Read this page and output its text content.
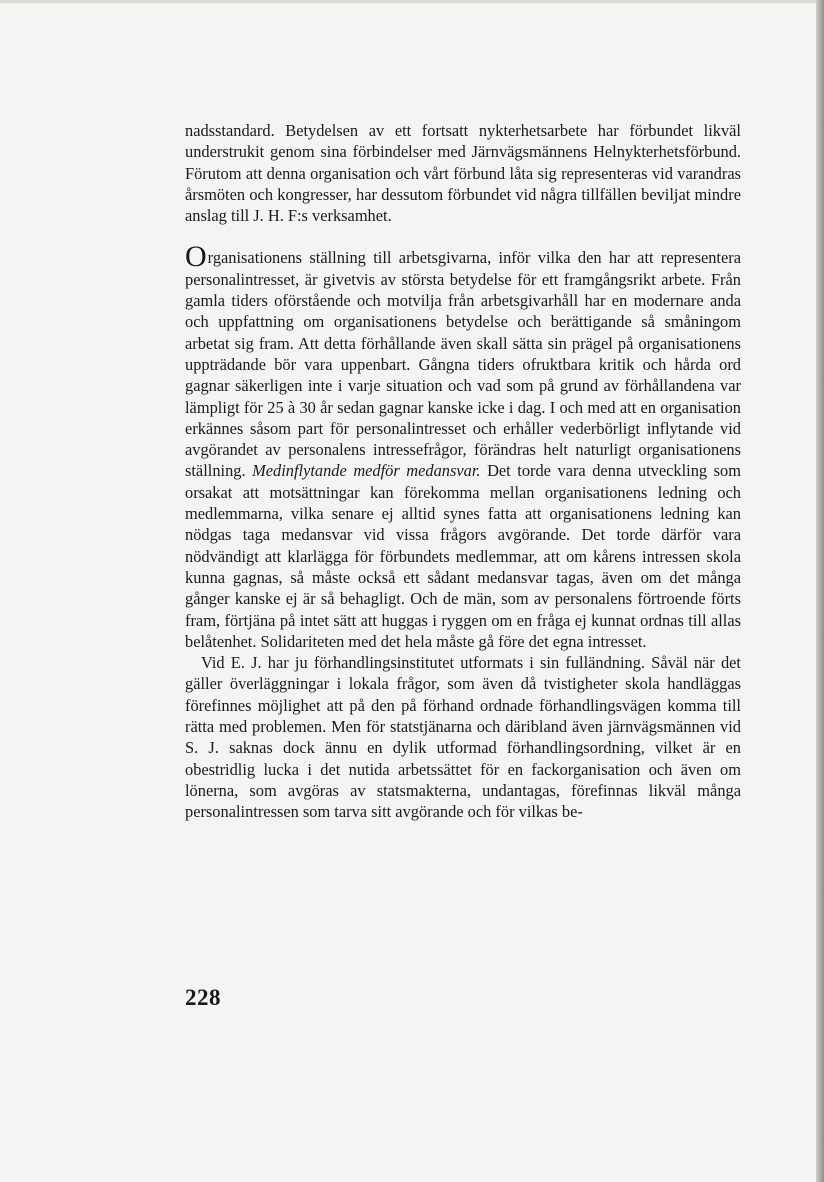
nadsstandard. Betydelsen av ett fortsatt nykterhetsarbete har förbundet likväl understrukit genom sina förbindelser med Järnvägsmännens Helnykterhetsförbund. Förutom att denna organisation och vårt förbund låta sig representeras vid varandras årsmöten och kongresser, har dessutom förbundet vid några tillfällen beviljat mindre anslag till J. H. F:s verksamhet.

Organisationens ställning till arbetsgivarna, inför vilka den har att representera personalintresset, är givetvis av största betydelse för ett framgångsrikt arbete. Från gamla tiders oförstående och motvilja från arbetsgivarhåll har en modernare anda och uppfattning om organisationens betydelse och berättigande så småningom arbetat sig fram. Att detta förhållande även skall sätta sin prägel på organisationens uppträdande bör vara uppenbart. Gångna tiders ofruktbara kritik och hårda ord gagnar säkerligen inte i varje situation och vad som på grund av förhållandena var lämpligt för 25 à 30 år sedan gagnar kanske icke i dag. I och med att en organisation erkännes såsom part för personalintresset och erhåller vederbörligt inflytande vid avgörandet av personalens intressefrågor, förändras helt naturligt organisationens ställning. Medinflytande medför medansvar. Det torde vara denna utveckling som orsakat att motsättningar kan förekomma mellan organisationens ledning och medlemmarna, vilka senare ej alltid synes fatta att organisationens ledning kan nödgas taga medansvar vid vissa frågors avgörande. Det torde därför vara nödvändigt att klarlägga för förbundets medlemmar, att om kårens intressen skola kunna gagnas, så måste också ett sådant medansvar tagas, även om det många gånger kanske ej är så behagligt. Och de män, som av personalens förtroende förts fram, förtjäna på intet sätt att huggas i ryggen om en fråga ej kunnat ordnas till allas belåtenhet. Solidariteten med det hela måste gå före det egna intresset.

Vid E. J. har ju förhandlingsinstitutet utformats i sin fulländning. Såväl när det gäller överläggningar i lokala frågor, som även då tvistigheter skola handläggas förefinnes möjlighet att på den på förhand ordnade förhandlingsvägen komma till rätta med problemen. Men för statstjänarna och däribland även järnvägsmännen vid S. J. saknas dock ännu en dylik utformad förhandlingsordning, vilket är en obestridlig lucka i det nutida arbetssättet för en fackorganisation och även om lönerna, som avgöras av statsmakterna, undantagas, förefinnas likväl många personalintressen som tarva sitt avgörande och för vilkas be-

228
